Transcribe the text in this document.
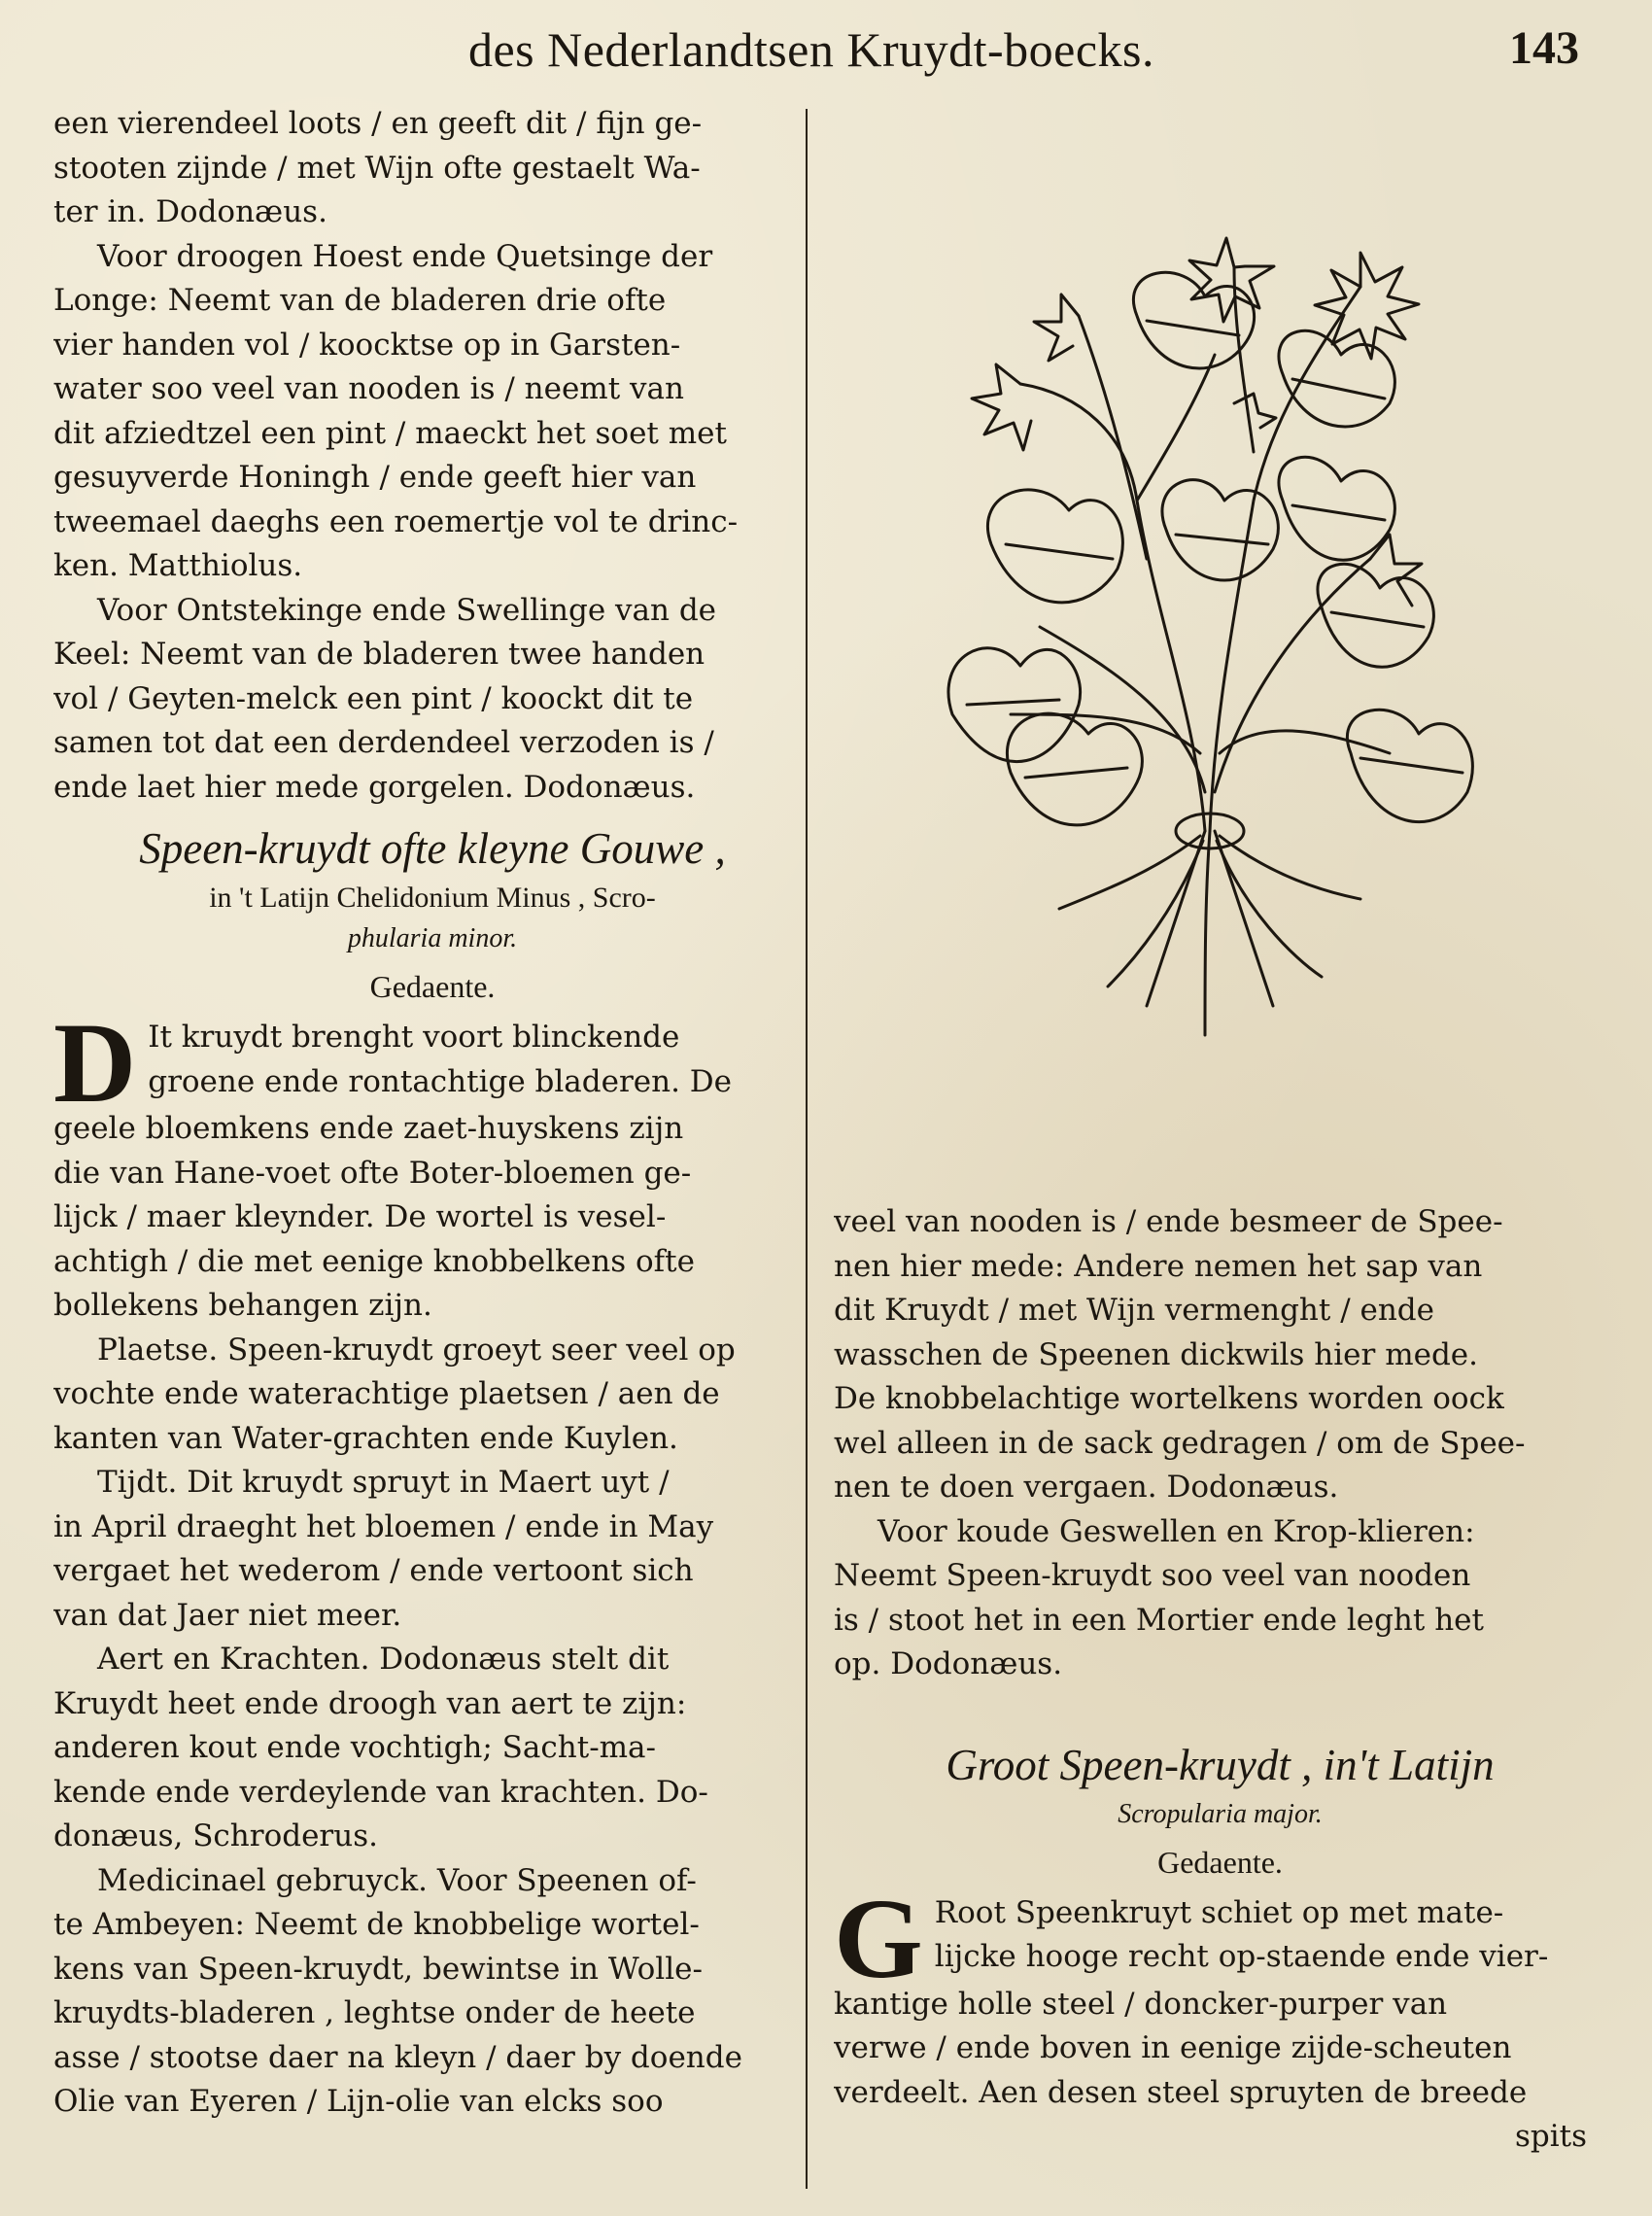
des Nederlandtsen Kruydt-boecks.	143
een vierendeel loots / en geeft dit / fijn ge-
stooten zijnde / met Wijn ofte gestaelt Wa-
ter in. Dodonæus.
Voor droogen Hoest ende Quetsinge der
Longe: Neemt van de bladeren drie ofte
vier handen vol / koocktse op in Garsten-
water soo veel van nooden is / neemt van
dit afziedtzel een pint / maeckt het soet met
gesuyverde Honingh / ende geeft hier van
tweemael daeghs een roemertje vol te drinc-
ken. Matthiolus.
Voor Ontstekinge ende Swellinge van de
Keel: Neemt van de bladeren twee handen
vol / Geyten-melck een pint / koockt dit te
samen tot dat een derdendeel verzoden is /
ende laet hier mede gorgelen. Dodonæus.
Speen-kruydt ofte kleyne Gouwe ,
in 't Latijn Chelidonium Minus , Scro-
phularia minor.
Gedaente.
D It kruydt brenght voort blinckende
groene ende rontachtige bladeren. De
geele bloemkens ende zaet-huyskens zijn
die van Hane-voet ofte Boter-bloemen ge-
lijck / maer kleynder. De wortel is vesel-
achtigh / die met eenige knobbelkens ofte
bollekens behangen zijn.
Plaetse. Speen-kruydt groeyt seer veel op
vochte ende waterachtige plaetsen / aen de
kanten van Water-grachten ende Kuylen.
Tijdt. Dit kruydt spruyt in Maert uyt /
in April draeght het bloemen / ende in May
vergaet het wederom / ende vertoont sich
van dat Jaer niet meer.
Aert en Krachten. Dodonæus stelt dit
Kruydt heet ende droogh van aert te zijn:
anderen kout ende vochtigh; Sacht-ma-
kende ende verdeylende van krachten. Do-
donæus, Schroderus.
Medicinael gebruyck. Voor Speenen of-
te Ambeyen: Neemt de knobbelige wortel-
kens van Speen-kruydt, bewintse in Wolle-
kruydts-bladeren , leghtse onder de heete
asse / stootse daer na kleyn / daer by doende
Olie van Eyeren / Lijn-olie van elcks soo
veel van nooden is / ende besmeer de Spee-
nen hier mede: Andere nemen het sap van
dit Kruydt / met Wijn vermenght / ende
wasschen de Speenen dickwils hier mede.
De knobbelachtige wortelkens worden oock
wel alleen in de sack gedragen / om de Spee-
nen te doen vergaen. Dodonæus.
Voor koude Geswellen en Krop-klieren:
Neemt Speen-kruydt soo veel van nooden
is / stoot het in een Mortier ende leght het
op. Dodonæus.
Groot Speen-kruydt , in't Latijn
Scropularia major.
Gedaente.
G Root Speenkruyt schiet op met mate-
lijcke hooge recht op-staende ende vier-
kantige holle steel / doncker-purper van
verwe / ende boven in eenige zijde-scheuten
verdeelt. Aen desen steel spruyten de breede
spits
